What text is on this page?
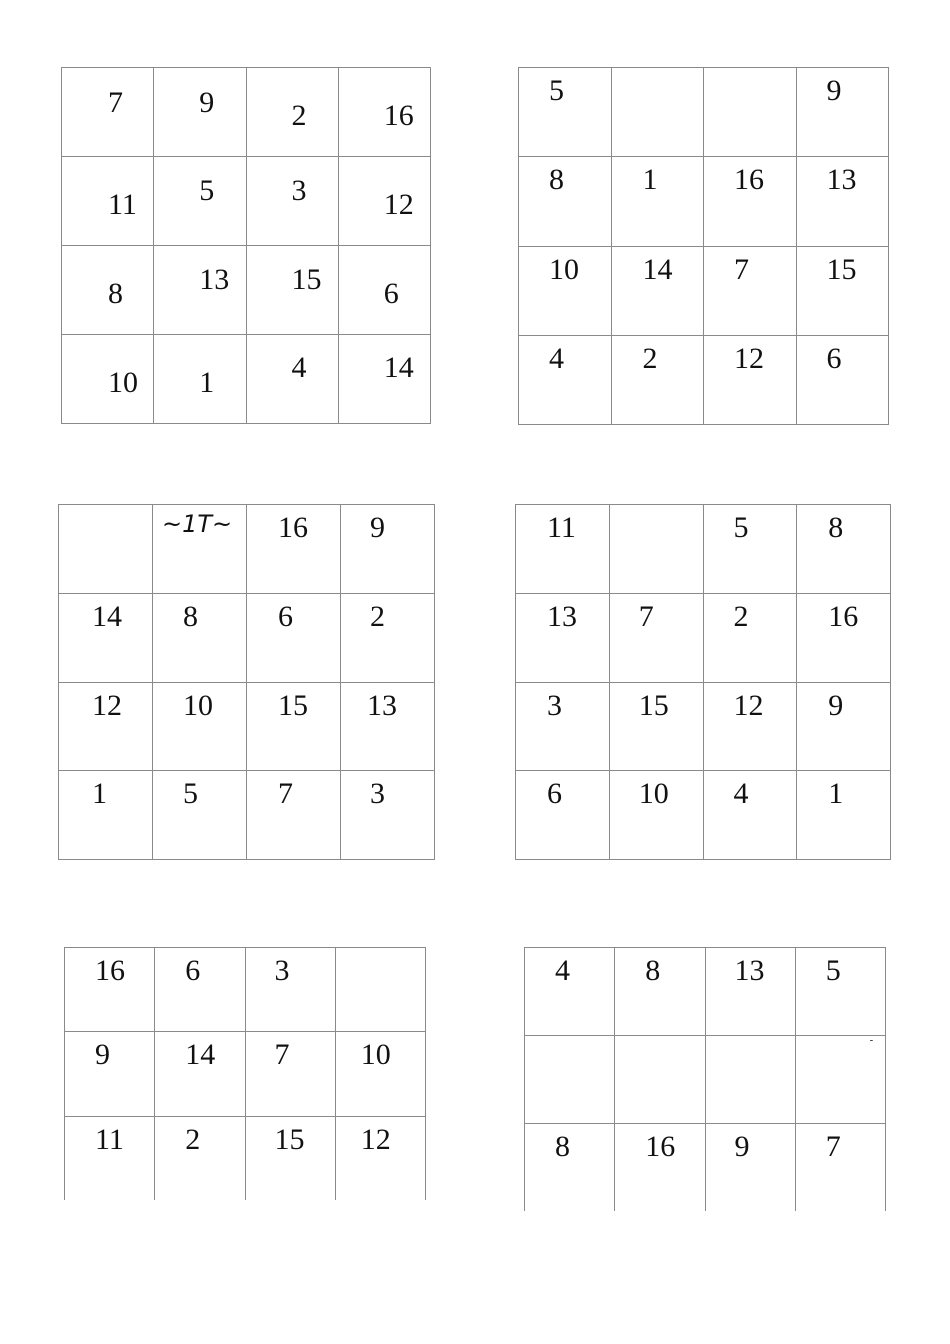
7	9	2	16

11	5	3	12

8	13	15	6

10	1	4	14
5			9

8	1	16	13

10	14	7	15

4	2	12	6

	~1T~	16	9

14	8	6	2

12	10	15	13

1	5	7	3
11		5	8

13	7	2	16

3	15	12	9

6	10	4	1
16	6	3	

9	14	7	10

11	2	15	12
4	8	13	5

			-

8	16	9	7
